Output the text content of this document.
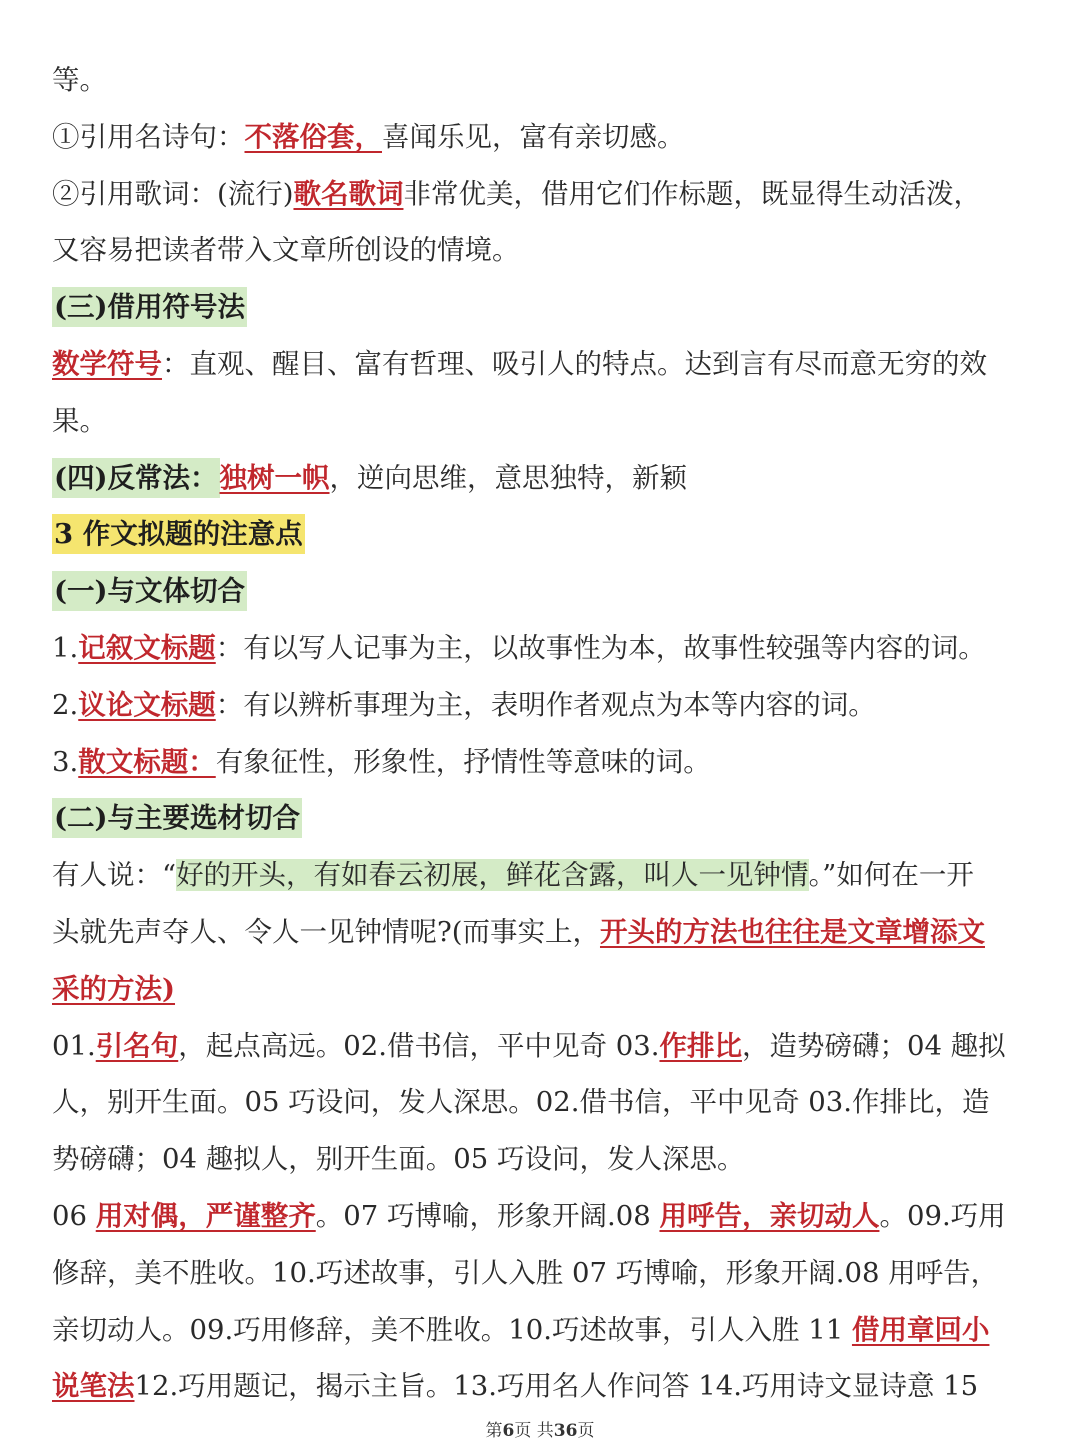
等。
①引用名诗句：不落俗套，喜闻乐见，富有亲切感。
②引用歌词：(流行)歌名歌词非常优美，借用它们作标题，既显得生动活泼，
又容易把读者带入文章所创设的情境。
(三)借用符号法
数学符号：直观、醒目、富有哲理、吸引人的特点。达到言有尽而意无穷的效
果。
(四)反常法：独树一帜，逆向思维，意思独特，新颖
3 作文拟题的注意点
(一)与文体切合
1.记叙文标题：有以写人记事为主，以故事性为本，故事性较强等内容的词。
2.议论文标题：有以辨析事理为主，表明作者观点为本等内容的词。
3.散文标题：有象征性，形象性，抒情性等意味的词。
(二)与主要选材切合
有人说：“好的开头，有如春云初展，鲜花含露，叫人一见钟情。”如何在一开
头就先声夺人、令人一见钟情呢?(而事实上，开头的方法也往往是文章增添文
采的方法)
01.引名句，起点高远。02.借书信，平中见奇 03.作排比，造势磅礴；04 趣拟
人，别开生面。05 巧设问，发人深思。02.借书信，平中见奇 03.作排比，造
势磅礴；04 趣拟人，别开生面。05 巧设问，发人深思。
06 用对偶，严谨整齐。07 巧博喻，形象开阔.08 用呼告，亲切动人。09.巧用
修辞，美不胜收。10.巧述故事，引人入胜 07 巧博喻，形象开阔.08 用呼告，
亲切动人。09.巧用修辞，美不胜收。10.巧述故事，引人入胜 11 借用章回小
说笔法12.巧用题记，揭示主旨。13.巧用名人作问答 14.巧用诗文显诗意 15
第6页 共36页
